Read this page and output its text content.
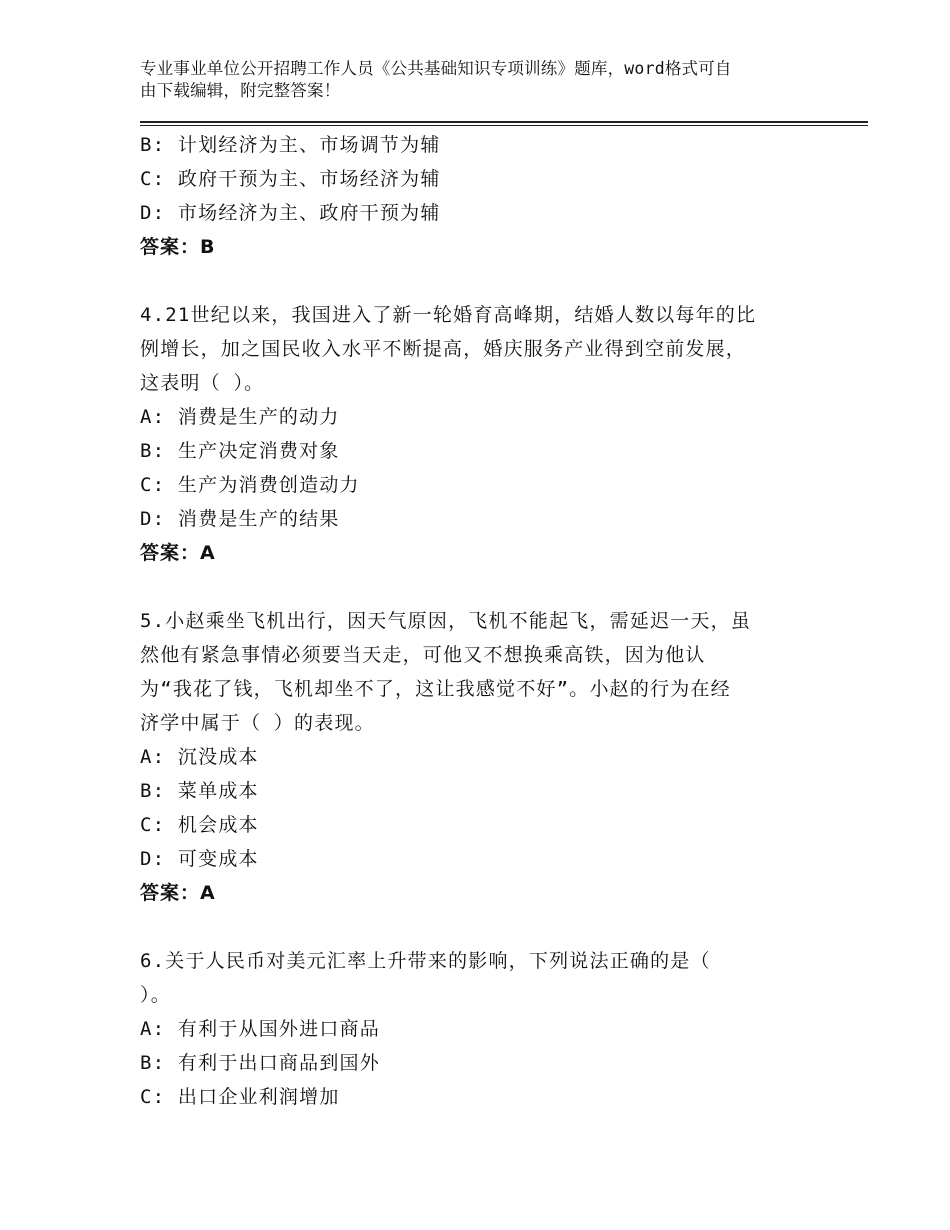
专业事业单位公开招聘工作人员《公共基础知识专项训练》题库，word格式可自
由下载编辑，附完整答案！
B: 计划经济为主、市场调节为辅
C: 政府干预为主、市场经济为辅
D: 市场经济为主、政府干预为辅
答案：B
4.21世纪以来，我国进入了新一轮婚育高峰期，结婚人数以每年的比
例增长，加之国民收入水平不断提高，婚庆服务产业得到空前发展，
这表明（ ）。
A: 消费是生产的动力
B: 生产决定消费对象
C: 生产为消费创造动力
D: 消费是生产的结果
答案：A
5.小赵乘坐飞机出行，因天气原因，飞机不能起飞，需延迟一天，虽
然他有紧急事情必须要当天走，可他又不想换乘高铁，因为他认
为“我花了钱，飞机却坐不了，这让我感觉不好”。小赵的行为在经
济学中属于（ ）的表现。
A: 沉没成本
B: 菜单成本
C: 机会成本
D: 可变成本
答案：A
6.关于人民币对美元汇率上升带来的影响，下列说法正确的是（
）。
A: 有利于从国外进口商品
B: 有利于出口商品到国外
C: 出口企业利润增加
